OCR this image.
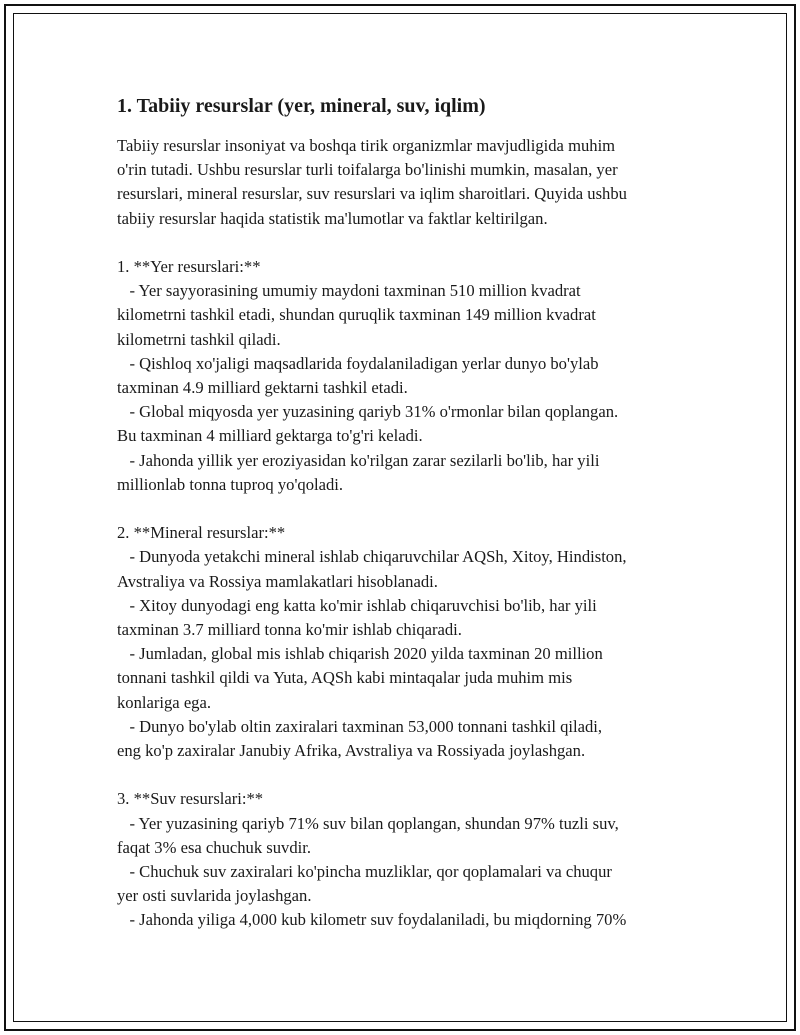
1. Tabiiy resurslar (yer, mineral, suv, iqlim)
Tabiiy resurslar insoniyat va boshqa tirik organizmlar mavjudligida muhim
o'rin tutadi. Ushbu resurslar turli toifalarga bo'linishi mumkin, masalan, yer
resurslari, mineral resurslar, suv resurslari va iqlim sharoitlari. Quyida ushbu
tabiiy resurslar haqida statistik ma'lumotlar va faktlar keltirilgan.
1. **Yer resurslari:**
- Yer sayyorasining umumiy maydoni taxminan 510 million kvadrat
kilometrni tashkil etadi, shundan quruqlik taxminan 149 million kvadrat
kilometrni tashkil qiladi.
- Qishloq xo'jaligi maqsadlarida foydalaniladigan yerlar dunyo bo'ylab
taxminan 4.9 milliard gektarni tashkil etadi.
- Global miqyosda yer yuzasining qariyb 31% o'rmonlar bilan qoplangan.
Bu taxminan 4 milliard gektarga to'g'ri keladi.
- Jahonda yillik yer eroziyasidan ko'rilgan zarar sezilarli bo'lib, har yili
millionlab tonna tuproq yo'qoladi.
2. **Mineral resurslar:**
- Dunyoda yetakchi mineral ishlab chiqaruvchilar AQSh, Xitoy, Hindiston,
Avstraliya va Rossiya mamlakatlari hisoblanadi.
- Xitoy dunyodagi eng katta ko'mir ishlab chiqaruvchisi bo'lib, har yili
taxminan 3.7 milliard tonna ko'mir ishlab chiqaradi.
- Jumladan, global mis ishlab chiqarish 2020 yilda taxminan 20 million
tonnani tashkil qildi va Yuta, AQSh kabi mintaqalar juda muhim mis
konlariga ega.
- Dunyo bo'ylab oltin zaxiralari taxminan 53,000 tonnani tashkil qiladi,
eng ko'p zaxiralar Janubiy Afrika, Avstraliya va Rossiyada joylashgan.
3. **Suv resurslari:**
- Yer yuzasining qariyb 71% suv bilan qoplangan, shundan 97% tuzli suv,
faqat 3% esa chuchuk suvdir.
- Chuchuk suv zaxiralari ko'pincha muzliklar, qor qoplamalari va chuqur
yer osti suvlarida joylashgan.
- Jahonda yiliga 4,000 kub kilometr suv foydalaniladi, bu miqdorning 70%
